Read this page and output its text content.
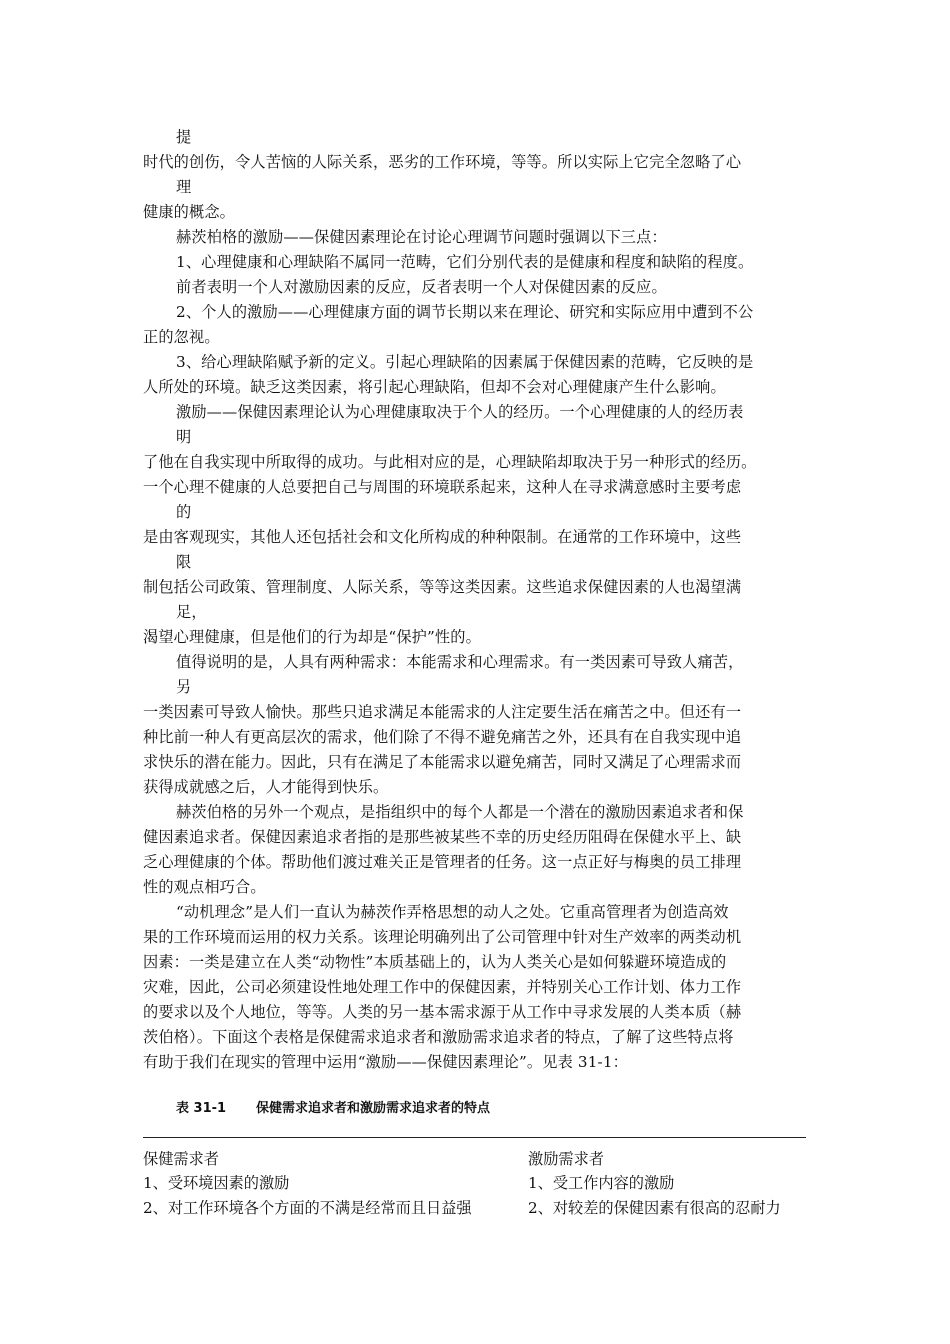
提
时代的创伤，令人苦恼的人际关系，恶劣的工作环境，等等。所以实际上它完全忽略了心
理
健康的概念。
赫茨柏格的激励——保健因素理论在讨论心理调节问题时强调以下三点：
1、心理健康和心理缺陷不属同一范畴，它们分别代表的是健康和程度和缺陷的程度。
前者表明一个人对激励因素的反应，反者表明一个人对保健因素的反应。
2、个人的激励——心理健康方面的调节长期以来在理论、研究和实际应用中遭到不公
正的忽视。
3、给心理缺陷赋予新的定义。引起心理缺陷的因素属于保健因素的范畴，它反映的是
人所处的环境。缺乏这类因素，将引起心理缺陷，但却不会对心理健康产生什么影响。
激励——保健因素理论认为心理健康取决于个人的经历。一个心理健康的人的经历表
明
了他在自我实现中所取得的成功。与此相对应的是，心理缺陷却取决于另一种形式的经历。
一个心理不健康的人总要把自己与周围的环境联系起来，这种人在寻求满意感时主要考虑
的
是由客观现实，其他人还包括社会和文化所构成的种种限制。在通常的工作环境中，这些
限
制包括公司政策、管理制度、人际关系，等等这类因素。这些追求保健因素的人也渴望满
足，
渴望心理健康，但是他们的行为却是“保护”性的。
值得说明的是，人具有两种需求：本能需求和心理需求。有一类因素可导致人痛苦，
另
一类因素可导致人愉快。那些只追求满足本能需求的人注定要生活在痛苦之中。但还有一
种比前一种人有更高层次的需求，他们除了不得不避免痛苦之外，还具有在自我实现中追
求快乐的潜在能力。因此，只有在满足了本能需求以避免痛苦，同时又满足了心理需求而
获得成就感之后，人才能得到快乐。
赫茨伯格的另外一个观点，是指组织中的每个人都是一个潜在的激励因素追求者和保
健因素追求者。保健因素追求者指的是那些被某些不幸的历史经历阻碍在保健水平上、缺
乏心理健康的个体。帮助他们渡过难关正是管理者的任务。这一点正好与梅奥的员工排理
性的观点相巧合。
“动机理念”是人们一直认为赫茨作弄格思想的动人之处。它重高管理者为创造高效
果的工作环境而运用的权力关系。该理论明确列出了公司管理中针对生产效率的两类动机
因素：一类是建立在人类“动物性”本质基础上的，认为人类关心是如何躲避环境造成的
灾难，因此，公司必须建设性地处理工作中的保健因素，并特别关心工作计划、体力工作
的要求以及个人地位，等等。人类的另一基本需求源于从工作中寻求发展的人类本质（赫
茨伯格）。下面这个表格是保健需求追求者和激励需求追求者的特点，了解了这些特点将
有助于我们在现实的管理中运用“激励——保健因素理论”。见表 31-1：
表 31-1 保健需求追求者和激励需求追求者的特点
保健需求者	激励需求者
1、受环境因素的激励	1、受工作内容的激励
2、对工作环境各个方面的不满是经常而且日益强	2、对较差的保健因素有很高的忍耐力
